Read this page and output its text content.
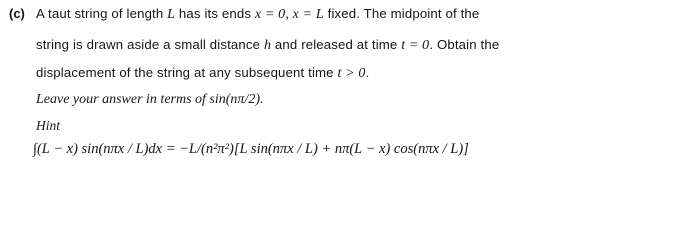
(c) A taut string of length L has its ends x = 0, x = L fixed. The midpoint of the
string is drawn aside a small distance h and released at time t = 0. Obtain the
displacement of the string at any subsequent time t > 0.
Leave your answer in terms of sin(nπ/2).
Hint
∫(L − x) sin(nπx / L)dx = −L/(n²π²)[L sin(nπx / L) + nπ(L − x) cos(nπx / L)]
